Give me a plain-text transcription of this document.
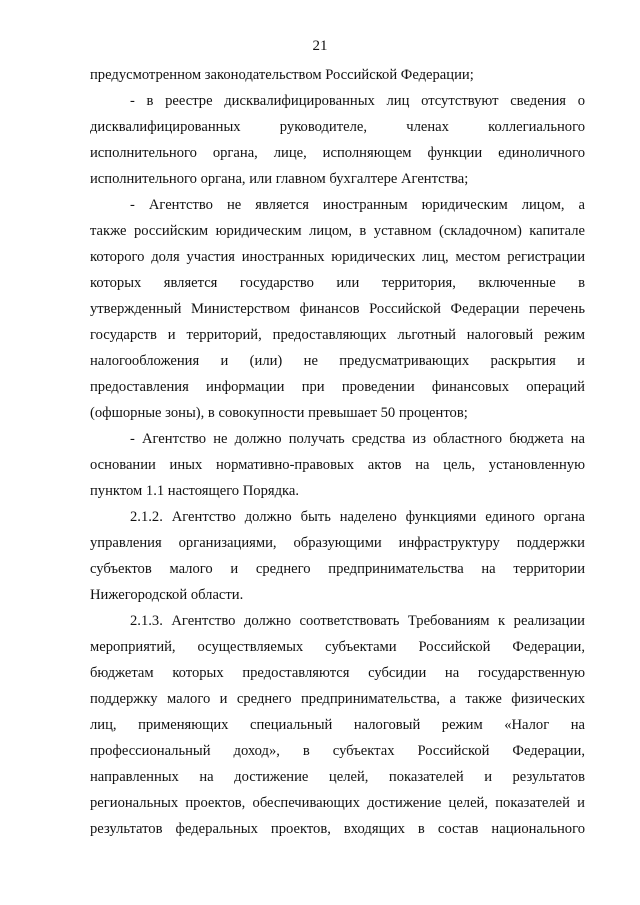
21
предусмотренном законодательством Российской Федерации;
- в реестре дисквалифицированных лиц отсутствуют сведения о
дисквалифицированных руководителе, членах коллегиального
исполнительного органа, лице, исполняющем функции единоличного
исполнительного органа, или главном бухгалтере Агентства;
- Агентство не является иностранным юридическим лицом, а
также российским юридическим лицом, в уставном (складочном) капитале
которого доля участия иностранных юридических лиц, местом регистрации
которых является государство или территория, включенные в
утвержденный Министерством финансов Российской Федерации перечень
государств и территорий, предоставляющих льготный налоговый режим
налогообложения и (или) не предусматривающих раскрытия и
предоставления информации при проведении финансовых операций
(офшорные зоны), в совокупности превышает 50 процентов;
- Агентство не должно получать средства из областного бюджета на
основании иных нормативно-правовых актов на цель, установленную
пунктом 1.1 настоящего Порядка.
2.1.2. Агентство должно быть наделено функциями единого органа
управления организациями, образующими инфраструктуру поддержки
субъектов малого и среднего предпринимательства на территории
Нижегородской области.
2.1.3. Агентство должно соответствовать Требованиям к реализации
мероприятий, осуществляемых субъектами Российской Федерации,
бюджетам которых предоставляются субсидии на государственную
поддержку малого и среднего предпринимательства, а также физических
лиц, применяющих специальный налоговый режим «Налог на
профессиональный доход», в субъектах Российской Федерации,
направленных на достижение целей, показателей и результатов
региональных проектов, обеспечивающих достижение целей, показателей и
результатов федеральных проектов, входящих в состав национального
